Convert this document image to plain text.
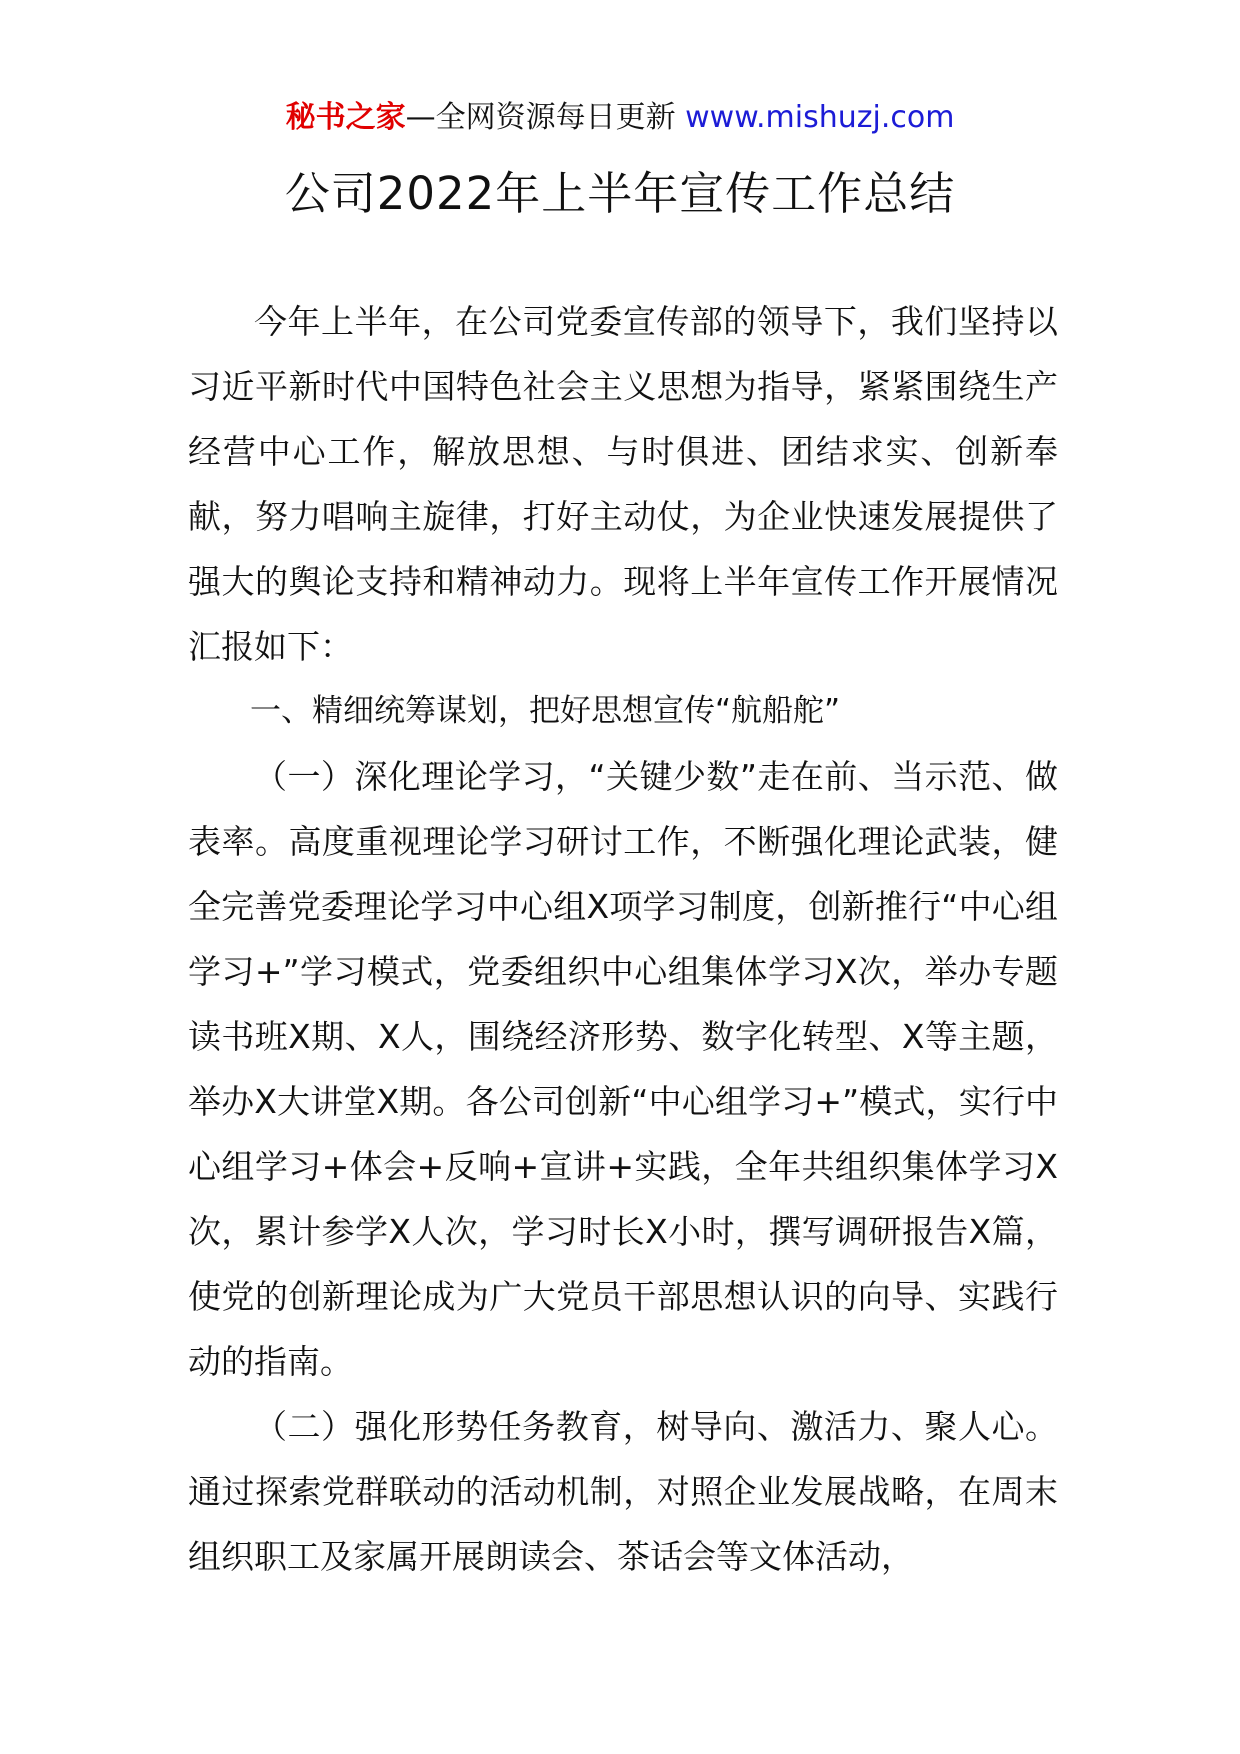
秘书之家—全网资源每日更新 www.mishuzj.com
公司2022年上半年宣传工作总结

今年上半年，在公司党委宣传部的领导下，我们坚持以习近平新时代中国特色社会主义思想为指导，紧紧围绕生产经营中心工作，解放思想、与时俱进、团结求实、创新奉献，努力唱响主旋律，打好主动仗，为企业快速发展提供了强大的舆论支持和精神动力。现将上半年宣传工作开展情况汇报如下：

一、精细统筹谋划，把好思想宣传“航船舵”

（一）深化理论学习，“关键少数”走在前、当示范、做表率。高度重视理论学习研讨工作，不断强化理论武装，健全完善党委理论学习中心组X项学习制度，创新推行“中心组学习+”学习模式，党委组织中心组集体学习X次，举办专题读书班X期、X人，围绕经济形势、数字化转型、X等主题，举办X大讲堂X期。各公司创新“中心组学习+”模式，实行中心组学习+体会+反响+宣讲+实践，全年共组织集体学习X次，累计参学X人次，学习时长X小时，撰写调研报告X篇，使党的创新理论成为广大党员干部思想认识的向导、实践行动的指南。

（二）强化形势任务教育，树导向、激活力、聚人心。通过探索党群联动的活动机制，对照企业发展战略，在周末组织职工及家属开展朗读会、茶话会等文体活动，
